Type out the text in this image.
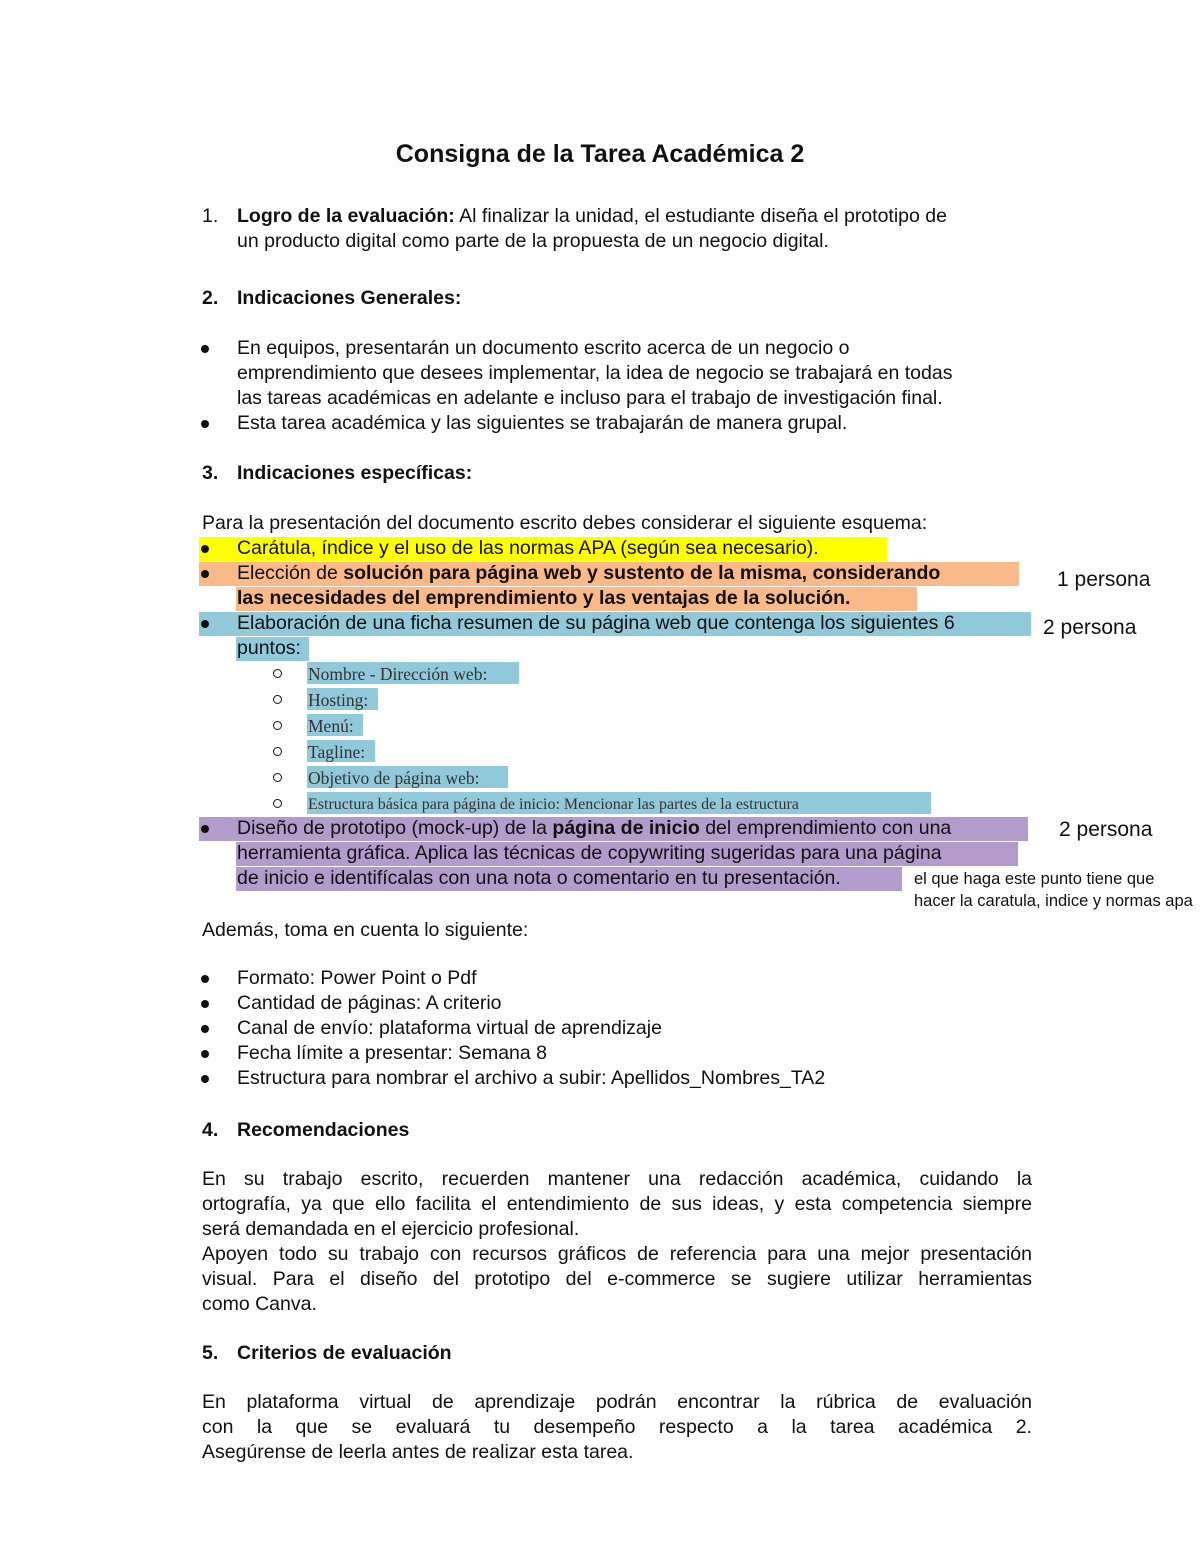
Consigna de la Tarea Académica 2
1. Logro de la evaluación: Al finalizar la unidad, el estudiante diseña el prototipo de
un producto digital como parte de la propuesta de un negocio digital.
2. Indicaciones Generales:
En equipos, presentarán un documento escrito acerca de un negocio o
emprendimiento que desees implementar, la idea de negocio se trabajará en todas
las tareas académicas en adelante e incluso para el trabajo de investigación final.
Esta tarea académica y las siguientes se trabajarán de manera grupal.
3. Indicaciones específicas:
Para la presentación del documento escrito debes considerar el siguiente esquema:
Carátula, índice y el uso de las normas APA (según sea necesario).
Elección de solución para página web y sustento de la misma, considerando
las necesidades del emprendimiento y las ventajas de la solución.
1 persona
Elaboración de una ficha resumen de su página web que contenga los siguientes 6
puntos:
2 persona
Nombre - Dirección web:
Hosting:
Menú:
Tagline:
Objetivo de página web:
Estructura básica para página de inicio: Mencionar las partes de la estructura
Diseño de prototipo (mock-up) de la página de inicio del emprendimiento con una
herramienta gráfica. Aplica las técnicas de copywriting sugeridas para una página
de inicio e identifícalas con una nota o comentario en tu presentación.
2 persona
el que haga este punto tiene que hacer la caratula, indice y normas apa
Además, toma en cuenta lo siguiente:
Formato: Power Point o Pdf
Cantidad de páginas: A criterio
Canal de envío: plataforma virtual de aprendizaje
Fecha límite a presentar: Semana 8
Estructura para nombrar el archivo a subir: Apellidos_Nombres_TA2
4. Recomendaciones
En su trabajo escrito, recuerden mantener una redacción académica, cuidando la
ortografía, ya que ello facilita el entendimiento de sus ideas, y esta competencia siempre
será demandada en el ejercicio profesional.
Apoyen todo su trabajo con recursos gráficos de referencia para una mejor presentación
visual. Para el diseño del prototipo del e-commerce se sugiere utilizar herramientas
como Canva.
5. Criterios de evaluación
En plataforma virtual de aprendizaje podrán encontrar la rúbrica de evaluación
con la que se evaluará tu desempeño respecto a la tarea académica 2.
Asegúrense de leerla antes de realizar esta tarea.
